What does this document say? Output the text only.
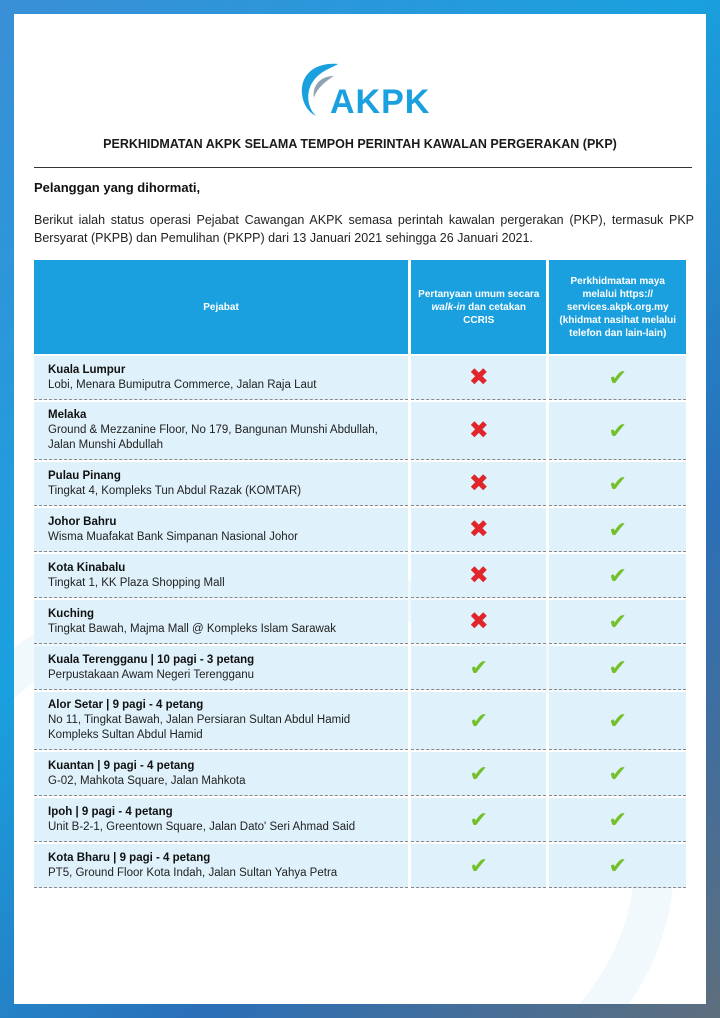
AKPK
PERKHIDMATAN AKPK SELAMA TEMPOH PERINTAH KAWALAN PERGERAKAN (PKP)
Pelanggan yang dihormati,
Berikut ialah status operasi Pejabat Cawangan AKPK semasa perintah kawalan pergerakan (PKP), termasuk PKP Bersyarat (PKPB) dan Pemulihan (PKPP) dari 13 Januari 2021 sehingga 26 Januari 2021.
Pejabat	Pertanyaan umum secara walk-in dan cetakan CCRIS	Perkhidmatan maya melalui https:// services.akpk.org.my (khidmat nasihat melalui telefon dan lain-lain)

Kuala Lumpur
Lobi, Menara Bumiputra Commerce, Jalan Raja Laut	✖	✔

Melaka
Ground & Mezzanine Floor, No 179, Bangunan Munshi Abdullah, Jalan Munshi Abdullah	✖	✔

Pulau Pinang
Tingkat 4, Kompleks Tun Abdul Razak (KOMTAR)	✖	✔

Johor Bahru
Wisma Muafakat Bank Simpanan Nasional Johor	✖	✔

Kota Kinabalu
Tingkat 1, KK Plaza Shopping Mall	✖	✔

Kuching
Tingkat Bawah, Majma Mall @ Kompleks Islam Sarawak	✖	✔

Kuala Terengganu | 10 pagi - 3 petang
Perpustakaan Awam Negeri Terengganu	✔	✔

Alor Setar | 9 pagi - 4 petang
No 11, Tingkat Bawah, Jalan Persiaran Sultan Abdul Hamid Kompleks Sultan Abdul Hamid	✔	✔

Kuantan | 9 pagi - 4 petang
G-02, Mahkota Square, Jalan Mahkota	✔	✔

Ipoh | 9 pagi - 4 petang
Unit B-2-1, Greentown Square, Jalan Dato' Seri Ahmad Said	✔	✔

Kota Bharu | 9 pagi - 4 petang
PT5, Ground Floor Kota Indah, Jalan Sultan Yahya Petra	✔	✔
